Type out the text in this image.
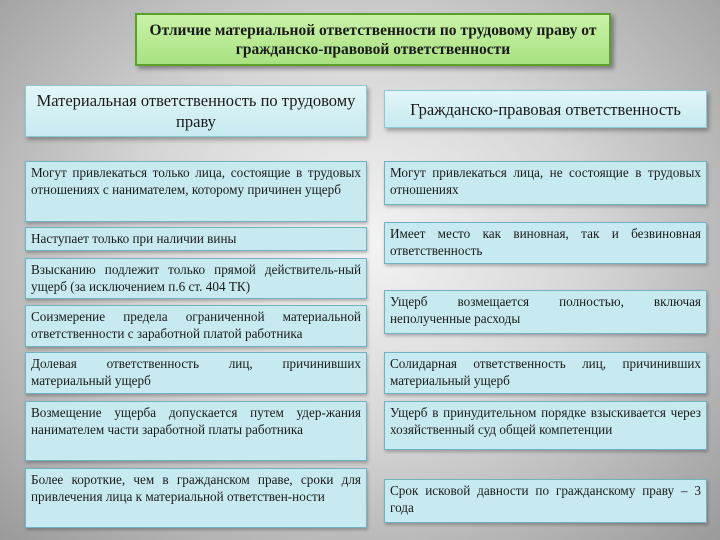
Отличие материальной ответственности по трудовому праву от гражданско-правовой ответственности
Материальная ответственность по трудовому праву
Гражданско-правовая ответственность
Могут привлекаться только лица, состоящие в трудовых отношениях с нанимателем, которому причинен ущерб
Наступает только при наличии вины
Взысканию подлежит только прямой действитель-ный ущерб (за исключением п.6 ст. 404 ТК)
Соизмерение предела ограниченной материальной ответственности с заработной платой работника
Долевая ответственность лиц, причинивших материальный ущерб
Возмещение ущерба допускается путем удер-жания нанимателем части заработной платы работника
Более короткие, чем в гражданском праве, сроки для привлечения лица к материальной ответствен-ности
Могут привлекаться лица, не состоящие в трудовых отношениях
Имеет место как виновная, так и безвиновная ответственность
Ущерб возмещается полностью, включая неполученные расходы
Солидарная ответственность лиц, причинивших материальный ущерб
Ущерб в принудительном порядке взыскивается через хозяйственный суд общей компетенции
Срок исковой давности по гражданскому праву – 3 года
